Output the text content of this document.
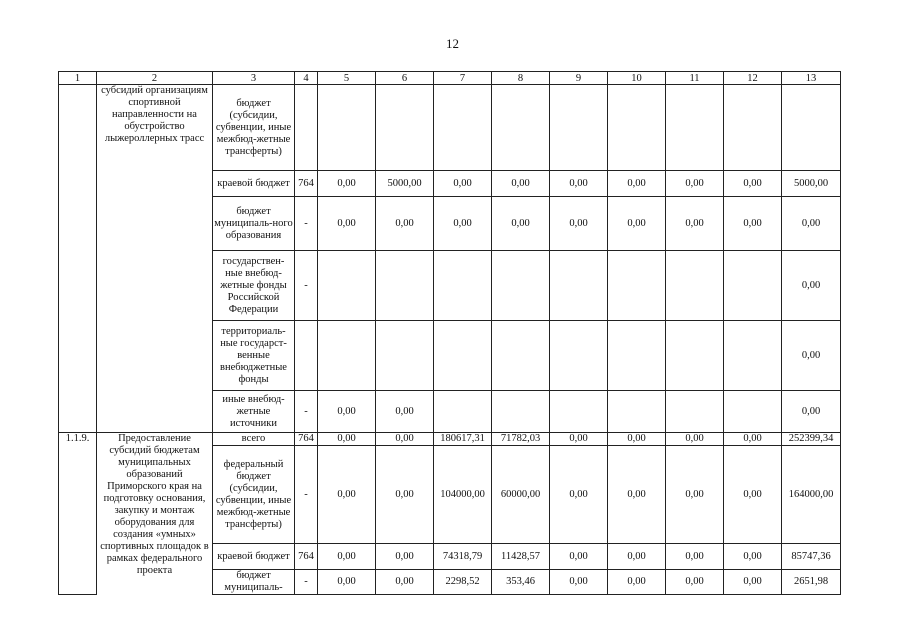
12
1	2	3	4	5	6	7	8	9	10	11	12	13
	субсидий организациям спортивной направленности на обустройство лыжероллерных трасс	бюджет (субсидии, субвенции, иные межбюд-жетные трансферты)										
		краевой бюджет	764	0,00	5000,00	0,00	0,00	0,00	0,00	0,00	0,00	5000,00
		бюджет муниципаль-ного образования	-	0,00	0,00	0,00	0,00	0,00	0,00	0,00	0,00	0,00
		государствен-ные внебюд-жетные фонды Российской Федерации	-									0,00
		территориаль-ные государст-венные внебюджетные фонды										0,00
		иные внебюд-жетные источники	-	0,00	0,00							0,00
1.1.9.	Предоставление субсидий бюджетам муниципальных образований Приморского края на подготовку основания, закупку и монтаж оборудования для создания «умных» спортивных площадок в рамках федерального проекта	всего	764	0,00	0,00	180617,31	71782,03	0,00	0,00	0,00	0,00	252399,34
		федеральный бюджет (субсидии, субвенции, иные межбюд-жетные трансферты)	-	0,00	0,00	104000,00	60000,00	0,00	0,00	0,00	0,00	164000,00
		краевой бюджет	764	0,00	0,00	74318,79	11428,57	0,00	0,00	0,00	0,00	85747,36
		бюджет муниципаль-	-	0,00	0,00	2298,52	353,46	0,00	0,00	0,00	0,00	2651,98
